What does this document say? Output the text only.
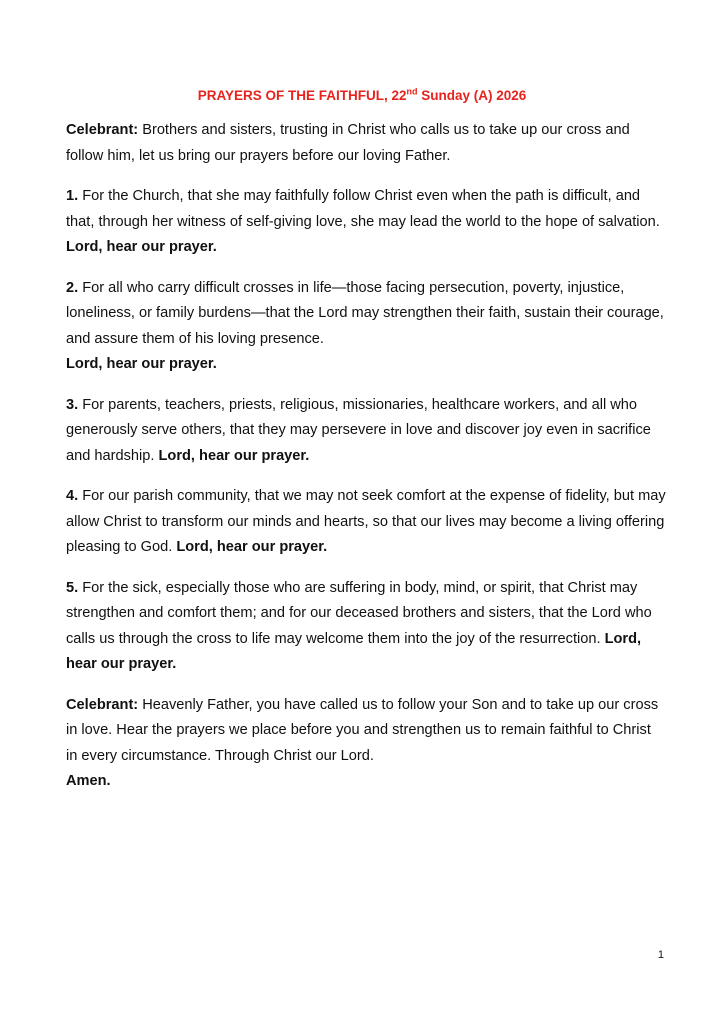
PRAYERS OF THE FAITHFUL, 22nd Sunday (A) 2026

Celebrant: Brothers and sisters, trusting in Christ who calls us to take up our cross and follow him, let us bring our prayers before our loving Father.

1. For the Church, that she may faithfully follow Christ even when the path is difficult, and that, through her witness of self-giving love, she may lead the world to the hope of salvation. Lord, hear our prayer.

2. For all who carry difficult crosses in life—those facing persecution, poverty, injustice, loneliness, or family burdens—that the Lord may strengthen their faith, sustain their courage, and assure them of his loving presence.
Lord, hear our prayer.

3. For parents, teachers, priests, religious, missionaries, healthcare workers, and all who generously serve others, that they may persevere in love and discover joy even in sacrifice and hardship. Lord, hear our prayer.

4. For our parish community, that we may not seek comfort at the expense of fidelity, but may allow Christ to transform our minds and hearts, so that our lives may become a living offering pleasing to God. Lord, hear our prayer.

5. For the sick, especially those who are suffering in body, mind, or spirit, that Christ may strengthen and comfort them; and for our deceased brothers and sisters, that the Lord who calls us through the cross to life may welcome them into the joy of the resurrection. Lord, hear our prayer.

Celebrant: Heavenly Father, you have called us to follow your Son and to take up our cross in love. Hear the prayers we place before you and strengthen us to remain faithful to Christ in every circumstance. Through Christ our Lord.
Amen.

1
